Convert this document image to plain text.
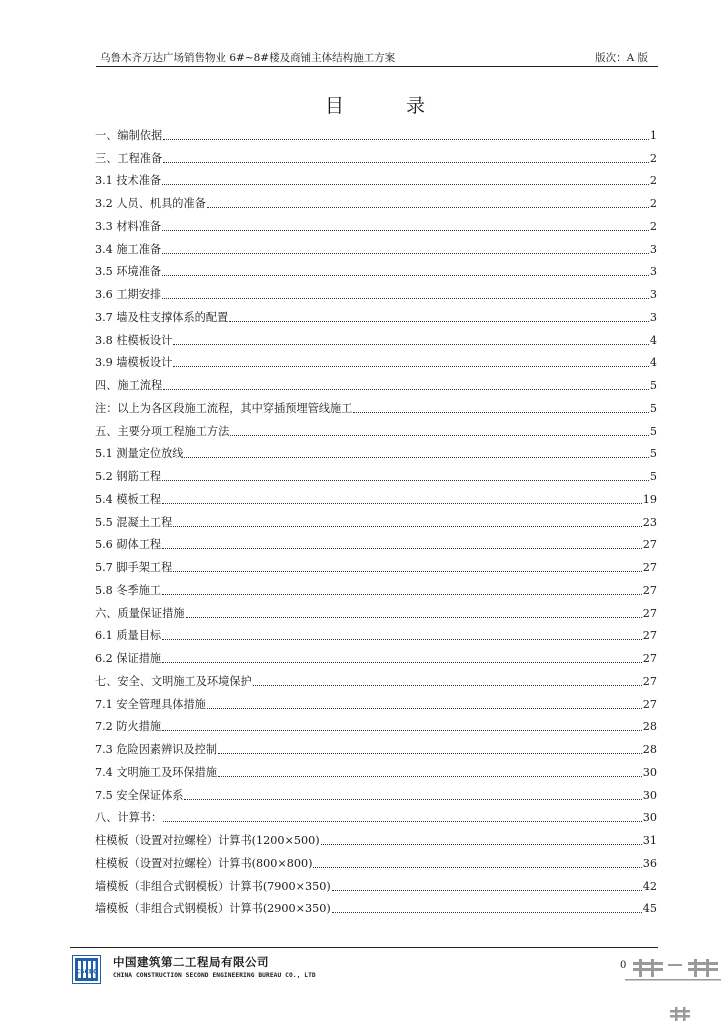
乌鲁木齐万达广场销售物业 6#~8#楼及商铺主体结构施工方案	版次：A 版
目	录
一、编制依据	1
三、工程准备	2
3.1 技术准备	2
3.2 人员、机具的准备	2
3.3 材料准备	2
3.4 施工准备	3
3.5 环境准备	3
3.6 工期安排	3
3.7 墙及柱支撑体系的配置	3
3.8 柱模板设计	4
3.9 墙模板设计	4
四、施工流程	5
注：以上为各区段施工流程，其中穿插预埋管线施工	5
五、主要分项工程施工方法	5
5.1 测量定位放线	5
5.2 钢筋工程	5
5.4 模板工程	19
5.5 混凝土工程	23
5.6 砌体工程	27
5.7 脚手架工程	27
5.8 冬季施工	27
六、质量保证措施	27
6.1 质量目标	27
6.2 保证措施	27
七、安全、文明施工及环境保护	27
7.1 安全管理具体措施	27
7.2 防火措施	28
7.3 危险因素辨识及控制	28
7.4 文明施工及环保措施	30
7.5 安全保证体系	30
八、计算书：	30
柱模板（设置对拉螺栓）计算书(1200×500)	31
柱模板（设置对拉螺栓）计算书(800×800)	36
墙模板（非组合式钢模板）计算书(7900×350)	42
墙模板（非组合式钢模板）计算书(2900×350)	45
CSCEC
中国建筑第二工程局有限公司
CHINA CONSTRUCTION SECOND ENGINEERING BUREAU CO., LTD
0
